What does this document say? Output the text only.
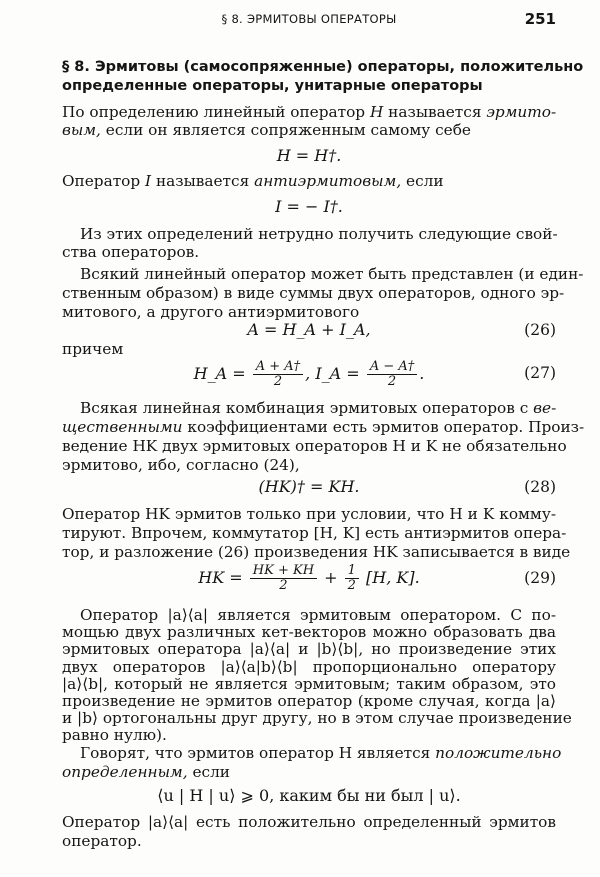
§ 8. ЭРМИТОВЫ ОПЕРАТОРЫ	251
§ 8. Эрмитовы (самосопряженные) операторы, положительно
определенные операторы, унитарные операторы
По определению линейный оператор H называется эрмито-
вым, если он является сопряженным самому себе
H = H†.
Оператор I называется антиэрмитовым, если
I = − I†.
Из этих определений нетрудно получить следующие свой-
ства операторов.
Всякий линейный оператор может быть представлен (и един-
ственным образом) в виде суммы двух операторов, одного эр-
митового, а другого антиэрмитового
A = H_A + I_A,	(26)
причем
H_A = $\frac{A + A\dagger}{2}$ , I_A = $\frac{A - A\dagger}{2}$ .	(27)
Всякая линейная комбинация эрмитовых операторов с ве-
щественными коэффициентами есть эрмитов оператор. Произ-
ведение HK двух эрмитовых операторов H и K не обязательно
эрмитово, ибо, согласно (24),
(HK)† = KH.	(28)
Оператор HK эрмитов только при условии, что H и K комму-
тируют. Впрочем, коммутатор [H, K] есть антиэрмитов опера-
тор, и разложение (26) произведения HK записывается в виде
HK = $\frac{HK + KH}{2} + \frac{1}{2} [H$, K].	(29)
Оператор |a⟩⟨a| является эрмитовым оператором. С по-
мощью двух различных кет-векторов можно образовать два
эрмитовых оператора |a⟩⟨a| и |b⟩⟨b|, но произведение этих
двух операторов |a⟩⟨a|b⟩⟨b| пропорционально оператору
|a⟩⟨b|, который не является эрмитовым; таким образом, это
произведение не эрмитов оператор (кроме случая, когда |a⟩
и |b⟩ ортогональны друг другу, но в этом случае произведение
равно нулю).
Говорят, что эрмитов оператор H является положительно
определенным, если
⟨u | H | u⟩ ⩾ 0, каким бы ни был | u⟩.
Оператор |a⟩⟨a| есть положительно определенный эрмитов
оператор.
